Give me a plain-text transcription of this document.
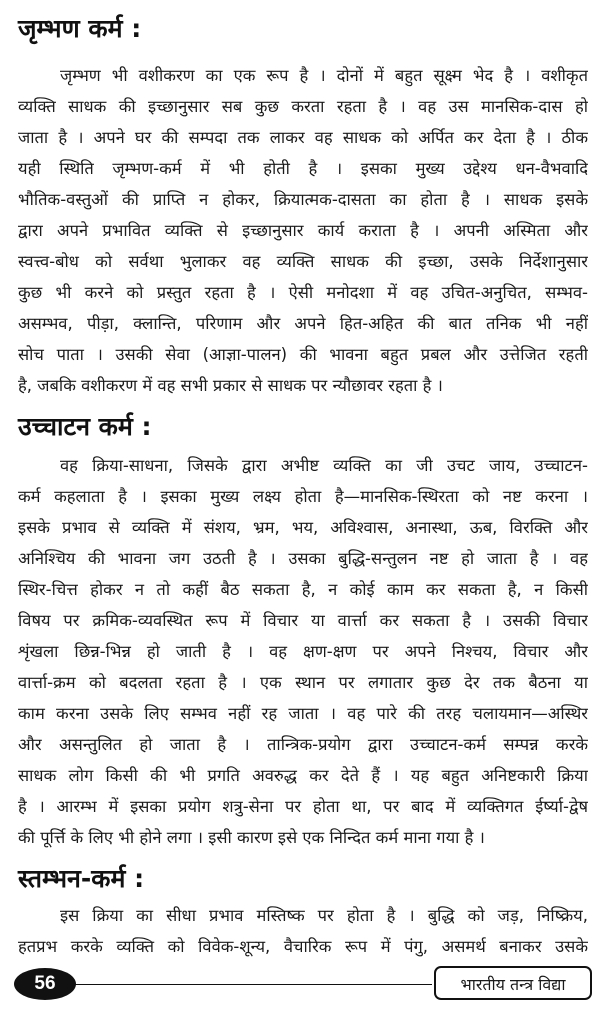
जृम्भण कर्म :
जृम्भण भी वशीकरण का एक रूप है । दोनों में बहुत सूक्ष्म भेद है । वशीकृत
व्यक्ति साधक की इच्छानुसार सब कुछ करता रहता है । वह उस मानसिक-दास हो
जाता है । अपने घर की सम्पदा तक लाकर वह साधक को अर्पित कर देता है । ठीक
यही स्थिति जृम्भण-कर्म में भी होती है । इसका मुख्य उद्देश्य धन-वैभवादि
भौतिक-वस्तुओं की प्राप्ति न होकर, क्रियात्मक-दासता का होता है । साधक इसके
द्वारा अपने प्रभावित व्यक्ति से इच्छानुसार कार्य कराता है । अपनी अस्मिता और
स्वत्त्व-बोध को सर्वथा भुलाकर वह व्यक्ति साधक की इच्छा, उसके निर्देशानुसार
कुछ भी करने को प्रस्तुत रहता है । ऐसी मनोदशा में वह उचित-अनुचित, सम्भव-
असम्भव, पीड़ा, क्लान्ति, परिणाम और अपने हित-अहित की बात तनिक भी नहीं
सोच पाता । उसकी सेवा (आज्ञा-पालन) की भावना बहुत प्रबल और उत्तेजित रहती
है, जबकि वशीकरण में वह सभी प्रकार से साधक पर न्यौछावर रहता है ।
उच्चाटन कर्म :
वह क्रिया-साधना, जिसके द्वारा अभीष्ट व्यक्ति का जी उचट जाय, उच्चाटन-
कर्म कहलाता है । इसका मुख्य लक्ष्य होता है—मानसिक-स्थिरता को नष्ट करना ।
इसके प्रभाव से व्यक्ति में संशय, भ्रम, भय, अविश्वास, अनास्था, ऊब, विरक्ति और
अनिश्चिय की भावना जग उठती है । उसका बुद्धि-सन्तुलन नष्ट हो जाता है । वह
स्थिर-चित्त होकर न तो कहीं बैठ सकता है, न कोई काम कर सकता है, न किसी
विषय पर क्रमिक-व्यवस्थित रूप में विचार या वार्त्ता कर सकता है । उसकी विचार
शृंखला छिन्न-भिन्न हो जाती है । वह क्षण-क्षण पर अपने निश्चय, विचार और
वार्त्ता-क्रम को बदलता रहता है । एक स्थान पर लगातार कुछ देर तक बैठना या
काम करना उसके लिए सम्भव नहीं रह जाता । वह पारे की तरह चलायमान—अस्थिर
और असन्तुलित हो जाता है । तान्त्रिक-प्रयोग द्वारा उच्चाटन-कर्म सम्पन्न करके
साधक लोग किसी की भी प्रगति अवरुद्ध कर देते हैं । यह बहुत अनिष्टकारी क्रिया
है । आरम्भ में इसका प्रयोग शत्रु-सेना पर होता था, पर बाद में व्यक्तिगत ईर्ष्या-द्वेष
की पूर्त्ति के लिए भी होने लगा । इसी कारण इसे एक निन्दित कर्म माना गया है ।
स्तम्भन-कर्म :
इस क्रिया का सीधा प्रभाव मस्तिष्क पर होता है । बुद्धि को जड़, निष्क्रिय,
हतप्रभ करके व्यक्ति को विवेक-शून्य, वैचारिक रूप में पंगु, असमर्थ बनाकर उसके
56	भारतीय तन्त्र विद्या
